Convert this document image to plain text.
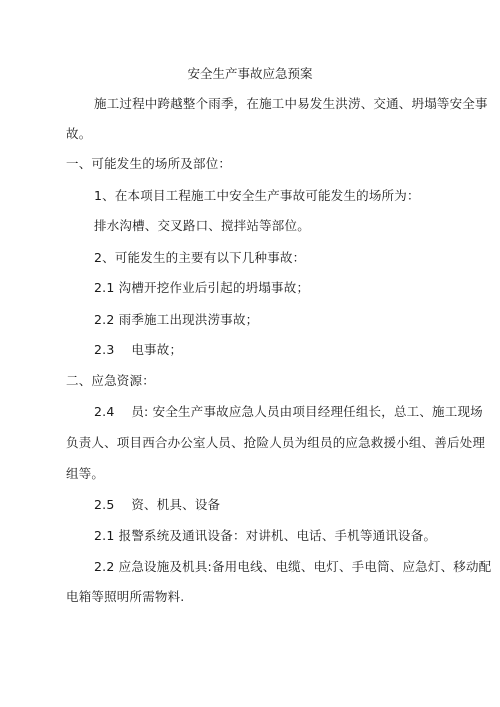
安全生产事故应急预案
施工过程中跨越整个雨季，在施工中易发生洪涝、交通、坍塌等安全事
故。
一、可能发生的场所及部位：
1、在本项目工程施工中安全生产事故可能发生的场所为：
排水沟槽、交叉路口、搅拌站等部位。
2、可能发生的主要有以下几种事故：
2.1 沟槽开挖作业后引起的坍塌事故；
2.2 雨季施工出现洪涝事故；
2.3　 电事故；
二、应急资源：
2.4　 员: 安全生产事故应急人员由项目经理任组长，总工、施工现场
负责人、项目西合办公室人员、抢险人员为组员的应急救援小组、善后处理
组等。
2.5　 资、机具、设备
2.1 报警系统及通讯设备：对讲机、电话、手机等通讯设备。
2.2 应急设施及机具:备用电线、电缆、电灯、手电筒、应急灯、移动配
电箱等照明所需物料.
